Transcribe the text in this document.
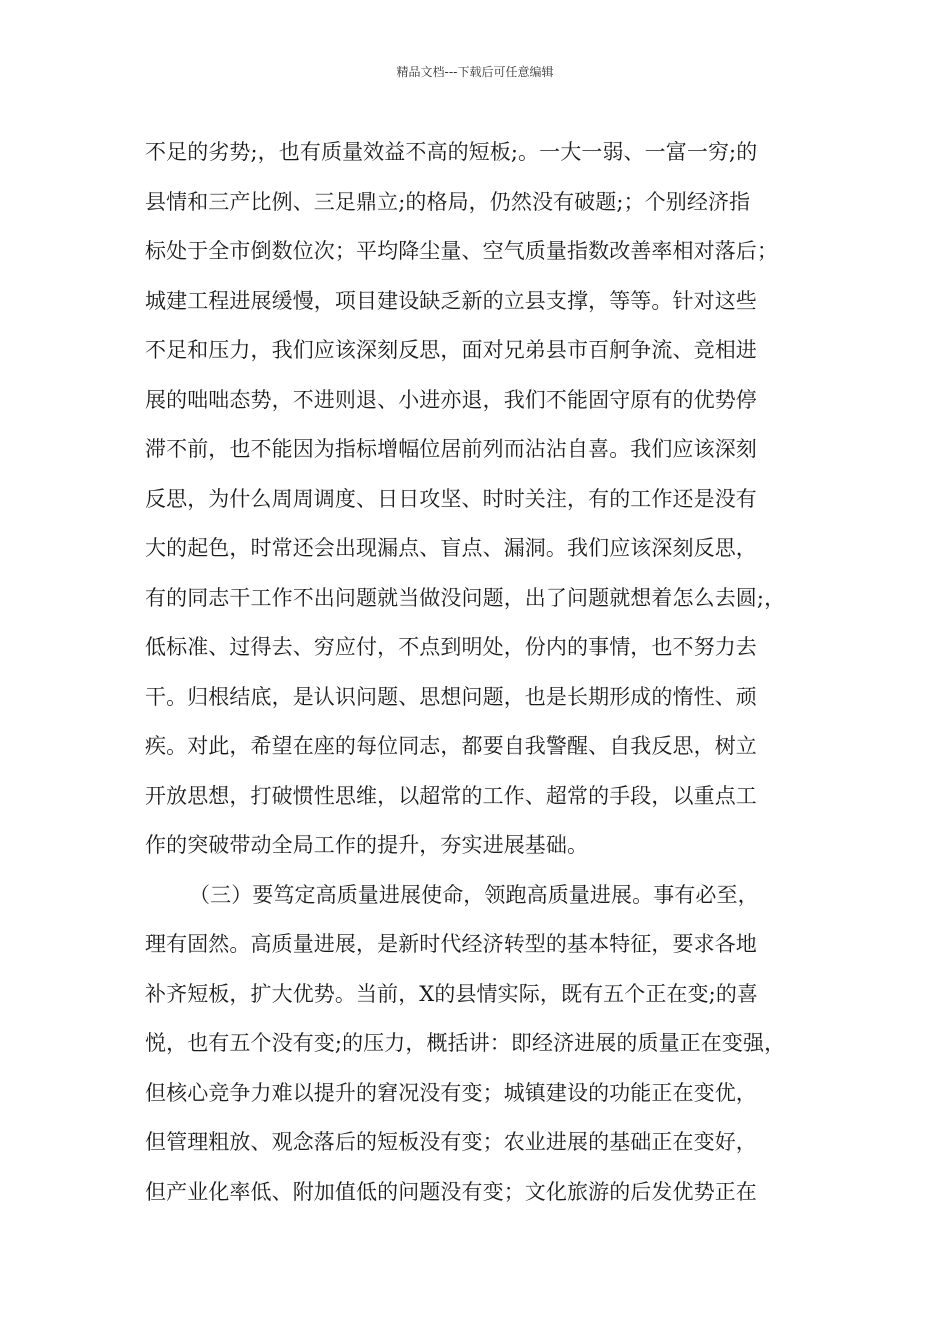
精品文档---下载后可任意编辑
不足的劣势;，也有质量效益不高的短板;。一大一弱、一富一穷;的
县情和三产比例、三足鼎立;的格局，仍然没有破题;；个别经济指
标处于全市倒数位次；平均降尘量、空气质量指数改善率相对落后；
城建工程进展缓慢，项目建设缺乏新的立县支撑，等等。针对这些
不足和压力，我们应该深刻反思，面对兄弟县市百舸争流、竞相进
展的咄咄态势，不进则退、小进亦退，我们不能固守原有的优势停
滞不前，也不能因为指标增幅位居前列而沾沾自喜。我们应该深刻
反思，为什么周周调度、日日攻坚、时时关注，有的工作还是没有
大的起色，时常还会出现漏点、盲点、漏洞。我们应该深刻反思，
有的同志干工作不出问题就当做没问题，出了问题就想着怎么去圆;，
低标准、过得去、穷应付，不点到明处，份内的事情，也不努力去
干。归根结底，是认识问题、思想问题，也是长期形成的惰性、顽
疾。对此，希望在座的每位同志，都要自我警醒、自我反思，树立
开放思想，打破惯性思维，以超常的工作、超常的手段，以重点工
作的突破带动全局工作的提升，夯实进展基础。
（三）要笃定高质量进展使命，领跑高质量进展。事有必至，
理有固然。高质量进展，是新时代经济转型的基本特征，要求各地
补齐短板，扩大优势。当前，X的县情实际，既有五个正在变;的喜
悦，也有五个没有变;的压力，概括讲：即经济进展的质量正在变强，
但核心竞争力难以提升的窘况没有变；城镇建设的功能正在变优，
但管理粗放、观念落后的短板没有变；农业进展的基础正在变好，
但产业化率低、附加值低的问题没有变；文化旅游的后发优势正在
